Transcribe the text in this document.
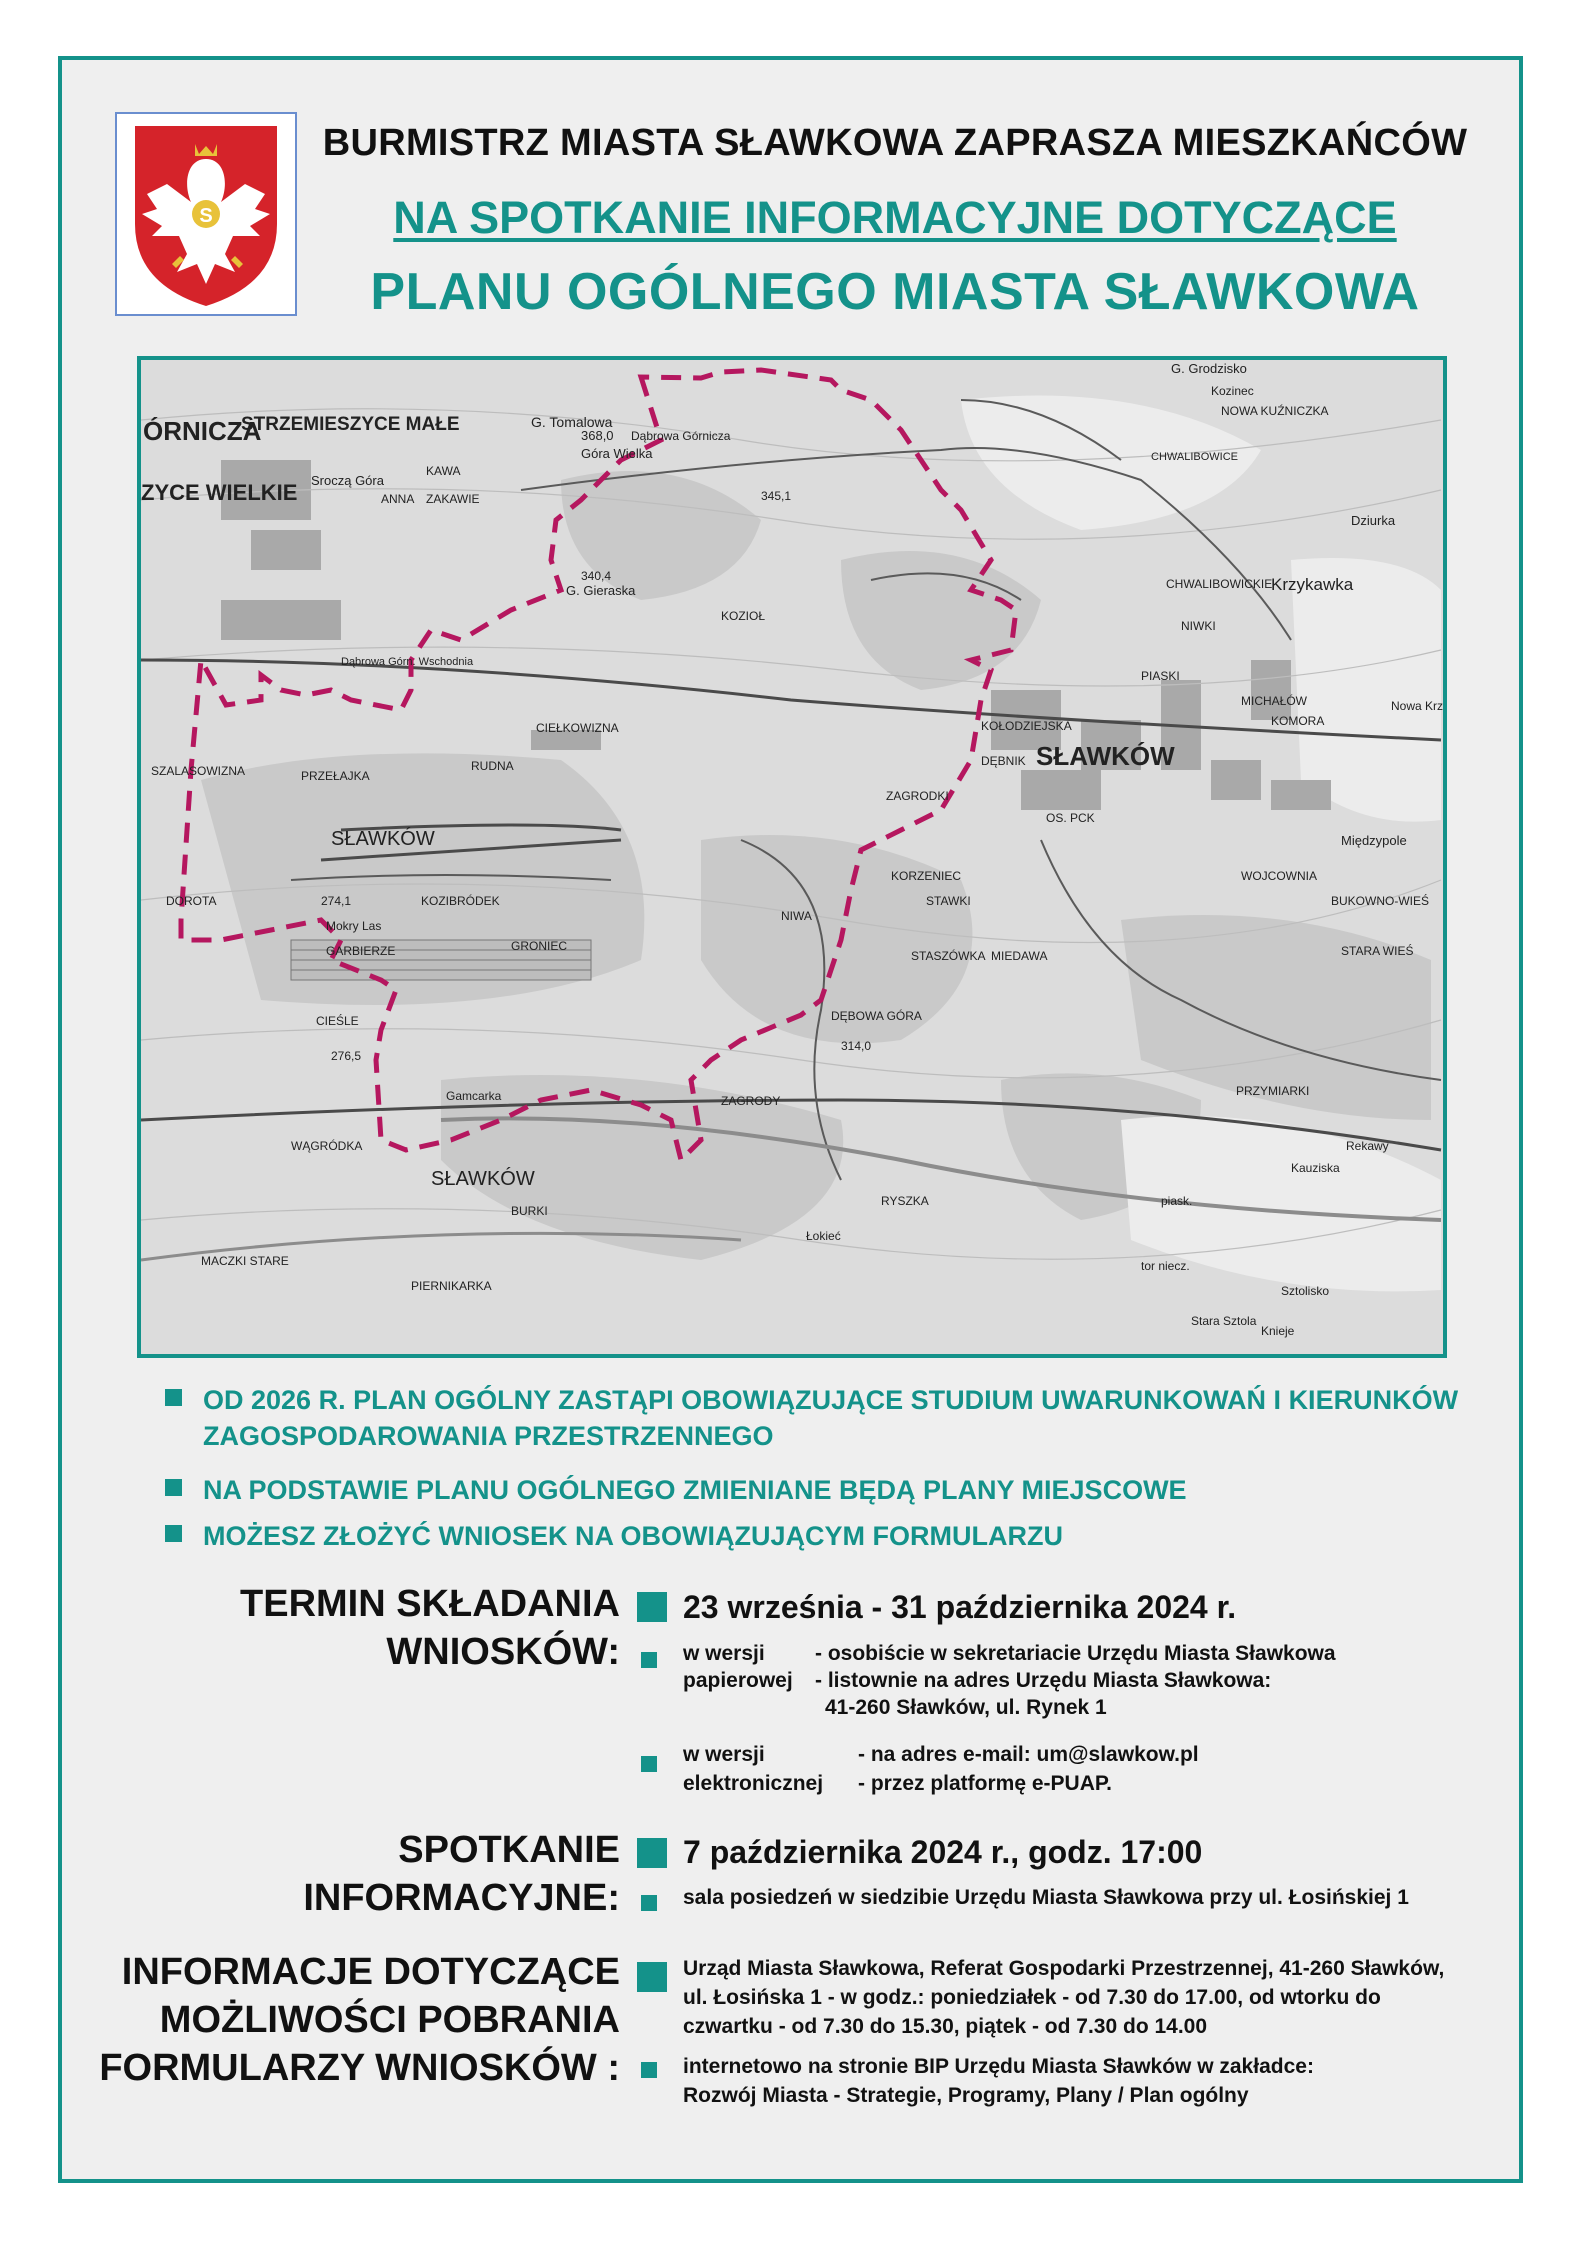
S
BURMISTRZ MIASTA SŁAWKOWA ZAPRASZA MIESZKAŃCÓW
NA SPOTKANIE INFORMACYJNE DOTYCZĄCE
PLANU OGÓLNEGO MIASTA SŁAWKOWA
ÓRNICZA
STRZEMIESZYCE MAŁE
ZYCE WIELKIE Sroczą Góra
G. Tomalowa
368,0
Góra Wielka
Dąbrowa Górnicza
ANNA
KAWA
ZAKAWIE
340,4
G. Gieraska
KOZIOŁ
345,1
G. Grodzisko
Kozinec
NOWA KUŹNICZKA
CHWALIBOWICE
Dziurka
CHWALIBOWICKIE
Krzykawka
NIWKI
PIASKI
MICHAŁÓW
KOMORA
Nowa Krz
KOŁODZIEJSKA
DĘBNIK SŁAWKÓW
Dąbrowa Górn. Wschodnia
CIEŁKOWIZNA
RUDNA
SZALASOWIZNA	PRZEŁAJKA
SŁAWKÓW
DOROTA	274,1	KOZIBRÓDEK
Mokry Las
GARBIERZE	GRONIEC
ZAGRODKI
KORZENIEC
OS. PCK
WOJCOWNIA
Międzypole
BUKOWNO-WIEŚ
STARA WIEŚ
STAWKI
NIWA
STASZÓWKA MIEDAWA
DĘBOWA GÓRA
314,0
CIEŚLE
276,5
Gamcarka	ZAGRODY
WĄGRÓDKA
SŁAWKÓW
BURKI
RYSZKA
Łokieć
MACZKI STARE
PIERNIKARKA
PRZYMIARKI
Rekawy
Kauziska
piask.
Sztolisko
Stara Sztola
Knieje
tor niecz.
OD 2026 R. PLAN OGÓLNY ZASTĄPI OBOWIĄZUJĄCE STUDIUM UWARUNKOWAŃ I KIERUNKÓW
ZAGOSPODAROWANIA PRZESTRZENNEGO
NA PODSTAWIE PLANU OGÓLNEGO ZMIENIANE BĘDĄ PLANY MIEJSCOWE
MOŻESZ ZŁOŻYĆ WNIOSEK NA OBOWIĄZUJĄCYM FORMULARZU
TERMIN SKŁADANIA
WNIOSKÓW:
23 września - 31 października 2024 r.
w wersji
papierowej
- osobiście w sekretariacie Urzędu Miasta Sławkowa
- listownie na adres Urzędu Miasta Sławkowa:
41-260 Sławków, ul. Rynek 1
w wersji
elektronicznej
- na adres e-mail: um@slawkow.pl
- przez platformę e-PUAP.
SPOTKANIE
INFORMACYJNE:
7 października 2024 r., godz. 17:00
sala posiedzeń w siedzibie Urzędu Miasta Sławkowa przy ul. Łosińskiej 1
INFORMACJE DOTYCZĄCE
MOŻLIWOŚCI POBRANIA
FORMULARZY WNIOSKÓW :
Urząd Miasta Sławkowa, Referat Gospodarki Przestrzennej, 41-260 Sławków,
ul. Łosińska 1 - w godz.: poniedziałek - od 7.30 do 17.00, od wtorku do
czwartku - od 7.30 do 15.30, piątek - od 7.30 do 14.00
internetowo na stronie BIP Urzędu Miasta Sławków w zakładce:
Rozwój Miasta - Strategie, Programy, Plany / Plan ogólny
